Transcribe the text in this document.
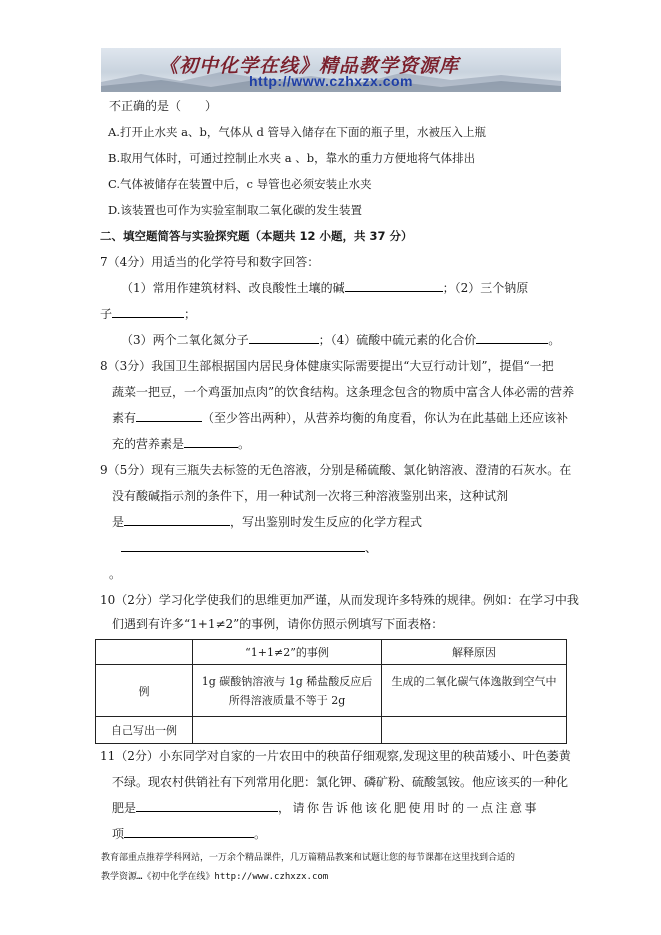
《初中化学在线》精品教学资源库
http://www.czhxzx.com
不正确的是（　　）
A.打开止水夹 a、b，气体从 d 管导入储存在下面的瓶子里，水被压入上瓶
B.取用气体时，可通过控制止水夹 a 、b，靠水的重力方便地将气体排出
C.气体被储存在装置中后，c 导管也必须安装止水夹
D.该装置也可作为实验室制取二氧化碳的发生装置
二、填空题简答与实验探究题（本题共 12 小题，共 37 分）
7（4分）用适当的化学符号和数字回答：
（1）常用作建筑材料、改良酸性土壤的碱	；（2）三个钠原
子	；
（3）两个二氧化氮分子	；（4）硫酸中硫元素的化合价	。
8（3分）我国卫生部根据国内居民身体健康实际需要提出“大豆行动计划”，提倡“一把
蔬菜一把豆，一个鸡蛋加点肉”的饮食结构。这条理念包含的物质中富含人体必需的营养
素有	（至少答出两种），从营养均衡的角度看，你认为在此基础上还应该补
充的营养素是	。
9（5分）现有三瓶失去标签的无色溶液，分别是稀硫酸、氯化钠溶液、澄清的石灰水。在
没有酸碱指示剂的条件下，用一种试剂一次将三种溶液鉴别出来，这种试剂
是	，写出鉴别时发生反应的化学方程式
、
。
10（2分）学习化学使我们的思维更加严谨，从而发现许多特殊的规律。例如：在学习中我
们遇到有许多“1+1≠2”的事例，请你仿照示例填写下面表格：
	“1+1≠2”的事例	解释原因
例	1g 碳酸钠溶液与 1g 稀盐酸反应后
所得溶液质量不等于 2g	生成的二氧化碳气体逸散到空气中
自己写出一例		
11（2分）小东同学对自家的一片农田中的秧苗仔细观察,发现这里的秧苗矮小、叶色萎黄
不绿。现农村供销社有下列常用化肥：氯化钾、磷矿粉、硫酸氢铵。他应该买的一种化
肥是	，请你告诉他该化肥使用时的一点注意事
项	。
教育部重点推荐学科网站，一万余个精品课件，几万篇精品教案和试题让您的每节课都在这里找到合适的
教学资源…《初中化学在线》http://www.czhxzx.com
